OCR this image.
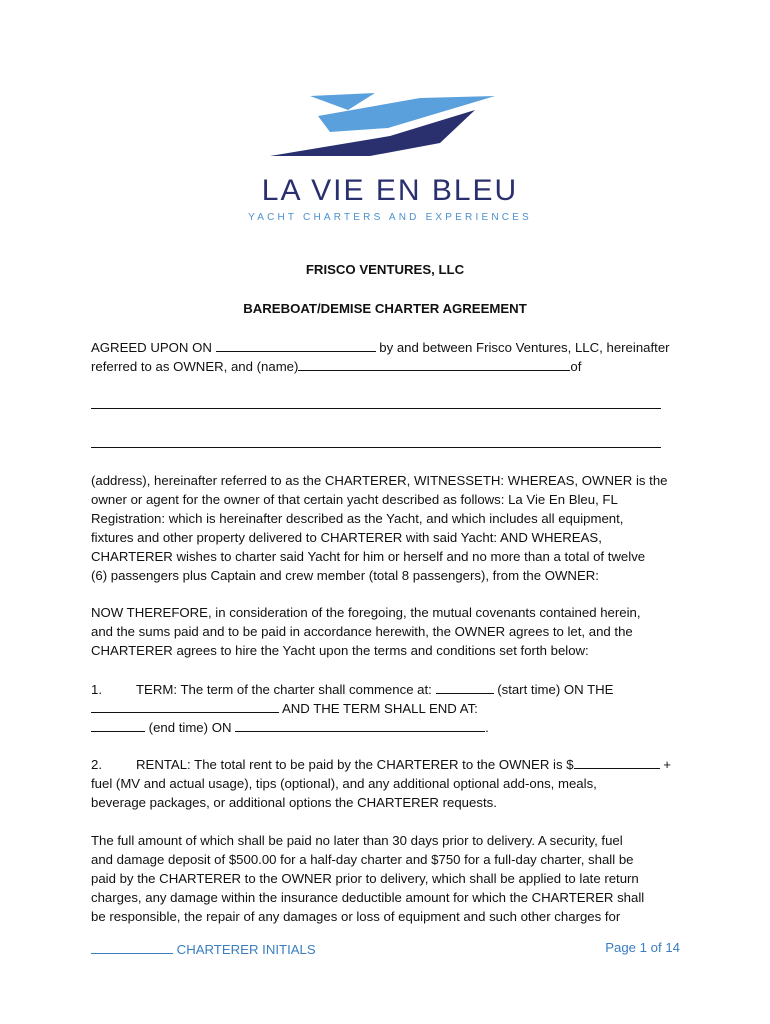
LA VIE EN BLEU
YACHT CHARTERS AND EXPERIENCES
FRISCO VENTURES, LLC
BAREBOAT/DEMISE CHARTER AGREEMENT
AGREED UPON ON	by and between Frisco Ventures, LLC, hereinafter
referred to as OWNER, and (name)	of
(address), hereinafter referred to as the CHARTERER, WITNESSETH: WHEREAS, OWNER is the
owner or agent for the owner of that certain yacht described as follows: La Vie En Bleu, FL
Registration: which is hereinafter described as the Yacht, and which includes all equipment,
fixtures and other property delivered to CHARTERER with said Yacht: AND WHEREAS,
CHARTERER wishes to charter said Yacht for him or herself and no more than a total of twelve
(6) passengers plus Captain and crew member (total 8 passengers), from the OWNER:
NOW THEREFORE, in consideration of the foregoing, the mutual covenants contained herein,
and the sums paid and to be paid in accordance herewith, the OWNER agrees to let, and the
CHARTERER agrees to hire the Yacht upon the terms and conditions set forth below:
1.	TERM: The term of the charter shall commence at:	(start time) ON THE
AND THE TERM SHALL END AT:
(end time) ON	.
2.	RENTAL: The total rent to be paid by the CHARTERER to the OWNER is $	+
fuel (MV and actual usage), tips (optional), and any additional optional add-ons, meals,
beverage packages, or additional options the CHARTERER requests.
The full amount of which shall be paid no later than 30 days prior to delivery. A security, fuel
and damage deposit of $500.00 for a half-day charter and $750 for a full-day charter, shall be
paid by the CHARTERER to the OWNER prior to delivery, which shall be applied to late return
charges, any damage within the insurance deductible amount for which the CHARTERER shall
be responsible, the repair of any damages or loss of equipment and such other charges for
CHARTERER INITIALS	Page 1 of 14
